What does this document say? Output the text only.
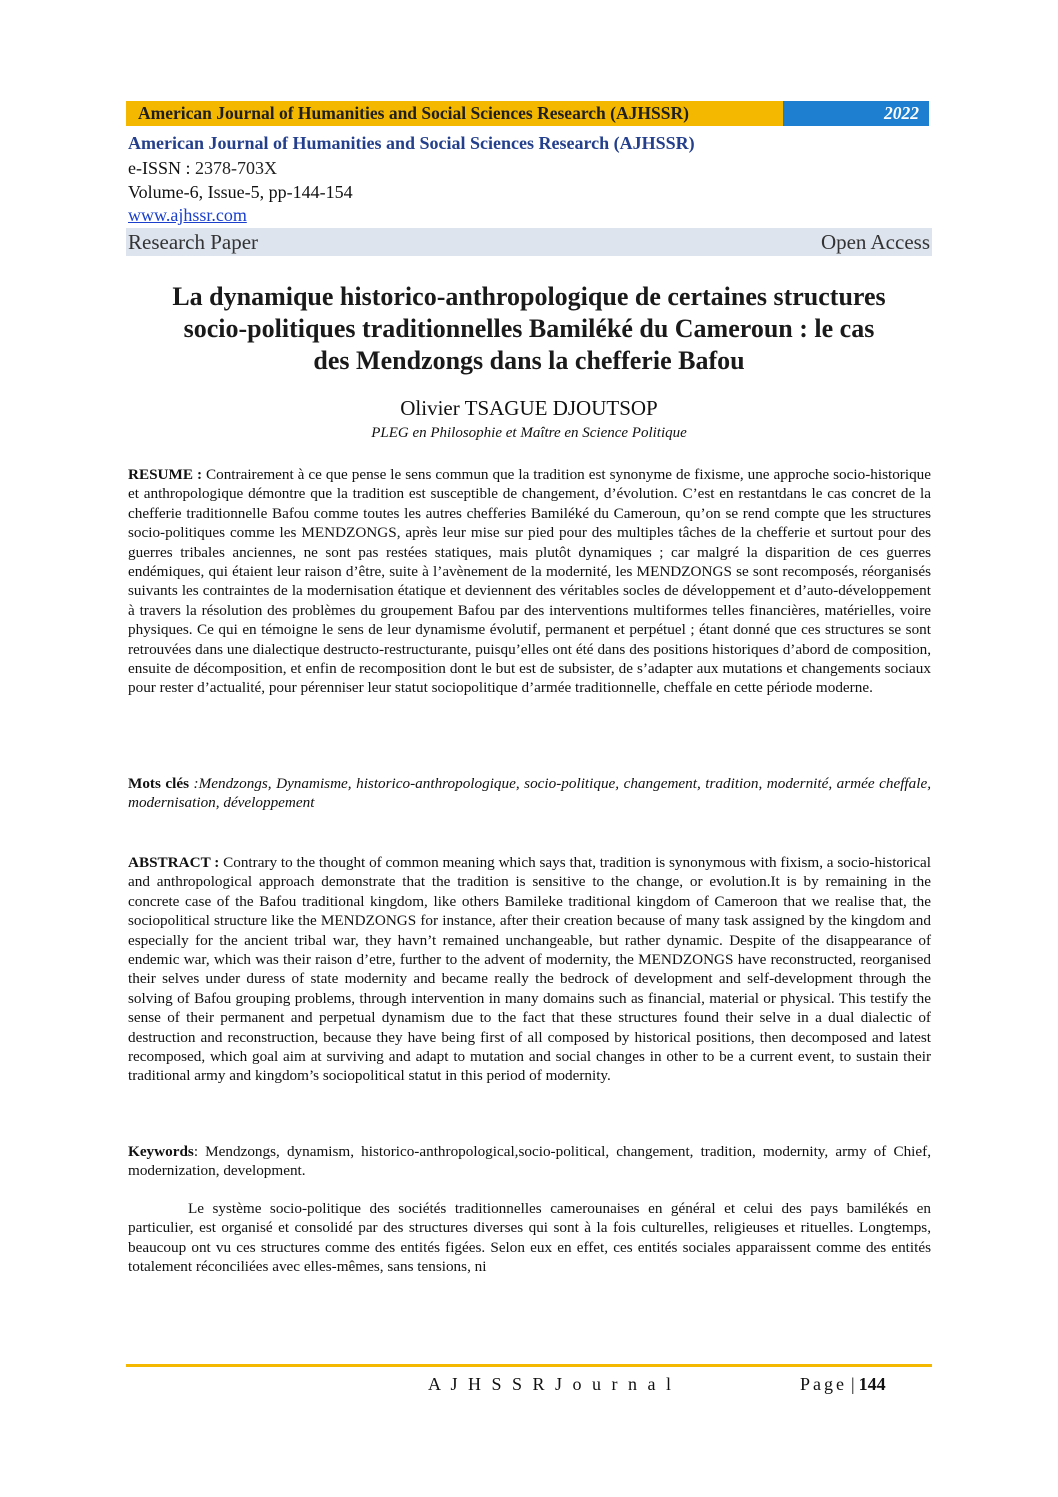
American Journal of Humanities and Social Sciences Research (AJHSSR)	2022
American Journal of Humanities and Social Sciences Research (AJHSSR)
e-ISSN : 2378-703X
Volume-6, Issue-5, pp-144-154
www.ajhssr.com
Research Paper	Open Access
La dynamique historico-anthropologique de certaines structures
socio-politiques traditionnelles Bamiléké du Cameroun : le cas
des Mendzongs dans la chefferie Bafou
Olivier TSAGUE DJOUTSOP
PLEG en Philosophie et Maître en Science Politique
RESUME : Contrairement à ce que pense le sens commun que la tradition est synonyme de fixisme, une approche socio-historique et anthropologique démontre que la tradition est susceptible de changement, d’évolution. C’est en restantdans le cas concret de la chefferie traditionnelle Bafou comme toutes les autres chefferies Bamiléké du Cameroun, qu’on se rend compte que les structures socio-politiques comme les MENDZONGS, après leur mise sur pied pour des multiples tâches de la chefferie et surtout pour des guerres tribales anciennes, ne sont pas restées statiques, mais plutôt dynamiques ; car malgré la disparition de ces guerres endémiques, qui étaient leur raison d’être, suite à l’avènement de la modernité, les MENDZONGS se sont recomposés, réorganisés suivants les contraintes de la modernisation étatique et deviennent des véritables socles de développement et d’auto-développement à travers la résolution des problèmes du groupement Bafou par des interventions multiformes telles financières, matérielles, voire physiques. Ce qui en témoigne le sens de leur dynamisme évolutif, permanent et perpétuel ; étant donné que ces structures se sont retrouvées dans une dialectique destructo-restructurante, puisqu’elles ont été dans des positions historiques d’abord de composition, ensuite de décomposition, et enfin de recomposition dont le but est de subsister, de s’adapter aux mutations et changements sociaux pour rester d’actualité, pour pérenniser leur statut sociopolitique d’armée traditionnelle, cheffale en cette période moderne.
Mots clés :Mendzongs, Dynamisme, historico-anthropologique, socio-politique, changement, tradition, modernité, armée cheffale, modernisation, développement
ABSTRACT : Contrary to the thought of common meaning which says that, tradition is synonymous with fixism, a socio-historical and anthropological approach demonstrate that the tradition is sensitive to the change, or evolution.It is by remaining in the concrete case of the Bafou traditional kingdom, like others Bamileke traditional kingdom of Cameroon that we realise that, the sociopolitical structure like the MENDZONGS for instance, after their creation because of many task assigned by the kingdom and especially for the ancient tribal war, they havn’t remained unchangeable, but rather dynamic. Despite of the disappearance of endemic war, which was their raison d’etre, further to the advent of modernity, the MENDZONGS have reconstructed, reorganised their selves under duress of state modernity and became really the bedrock of development and self-development through the solving of Bafou grouping problems, through intervention in many domains such as financial, material or physical. This testify the sense of their permanent and perpetual dynamism due to the fact that these structures found their selve in a dual dialectic of destruction and reconstruction, because they have being first of all composed by historical positions, then decomposed and latest recomposed, which goal aim at surviving and adapt to mutation and social changes in other to be a current event, to sustain their traditional army and kingdom’s sociopolitical statut in this period of modernity.
Keywords: Mendzongs, dynamism, historico-anthropological,socio-political, changement, tradition, modernity, army of Chief, modernization, development.
Le système socio-politique des sociétés traditionnelles camerounaises en général et celui des pays bamilékés en particulier, est organisé et consolidé par des structures diverses qui sont à la fois culturelles, religieuses et rituelles. Longtemps, beaucoup ont vu ces structures comme des entités figées. Selon eux en effet, ces entités sociales apparaissent comme des entités totalement réconciliées avec elles-mêmes, sans tensions, ni
A J H S S R J o u r n a l	Page | 144
